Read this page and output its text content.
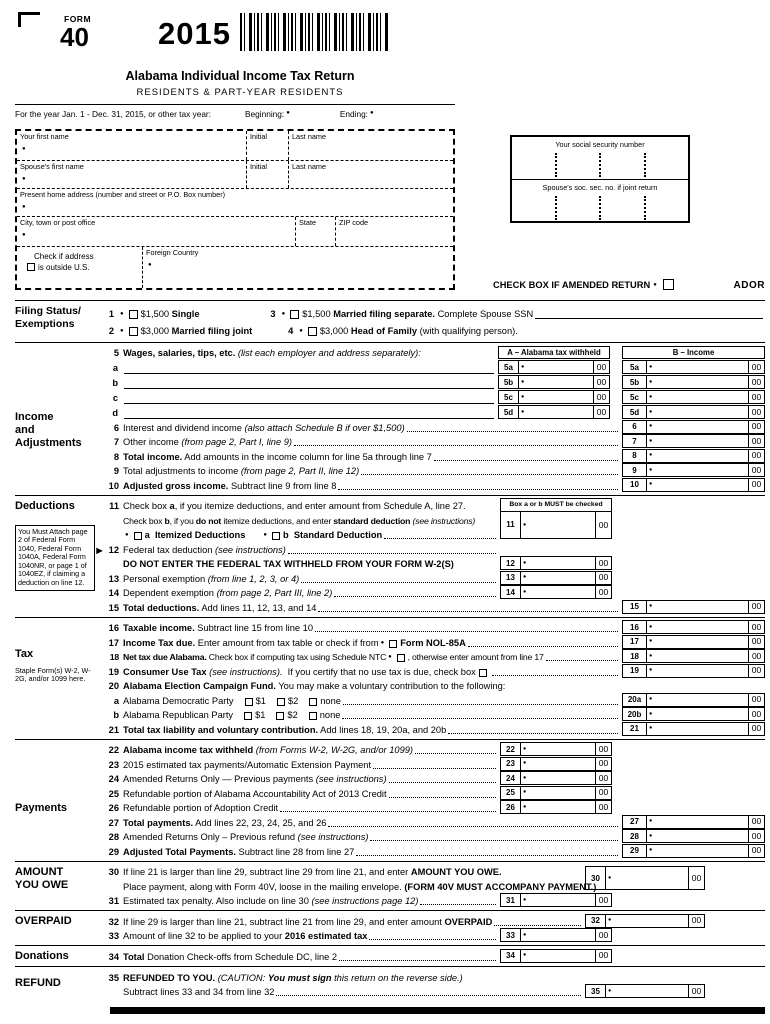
FORM
40 2015
Alabama Individual Income Tax Return
RESIDENTS & PART-YEAR RESIDENTS
For the year Jan. 1 - Dec. 31, 2015, or other tax year:	Beginning: ●	Ending: ●
Your first name
●
Initial	Last name
Spouse's first name
●
Initial	Last name
Present home address (number and street or P.O. Box number)
●
City, town or post office
●
State	ZIP code
Check if address
is outside U.S.
Foreign Country
●
Your social security number
Spouse's soc. sec. no. if joint return
CHECK BOX IF AMENDED RETURN ●	ADOR
Filing Status/
Exemptions
1 ● $1,500 Single	3 ● $1,500 Married filing separate. Complete Spouse SSN
2 ● $3,000 Married filing joint	4 ● $3,000 Head of Family (with qualifying person).
Income
and
Adjustments
5 Wages, salaries, tips, etc. (list each employer and address separately):	A – Alabama tax withheld	B – Income
a	5a	●	00	5a	●	00
b	5b	●	00	5b	●	00
c	5c	●	00	5c	●	00
d	5d	●	00	5d	●	00
6 Interest and dividend income (also attach Schedule B if over $1,500)	6	●	00
7 Other income (from page 2, Part I, line 9)	7	●	00
8 Total income. Add amounts in the income column for line 5a through line 7	8	●	00
9 Total adjustments to income (from page 2, Part II, line 12)	9	●	00
10 Adjusted gross income. Subtract line 9 from line 8	10	●	00
Deductions
You Must Attach page 2 of Federal Form 1040, Federal Form 1040A, Federal Form 1040NR, or page 1 of 1040EZ, if claiming a deduction on line 12.
►
11 Check box a , if you itemize deductions, and enter amount from Schedule A, line 27.
Check box b , if you do not itemize deductions, and enter standard deduction (see instructions)
● a Itemized Deductions	● b Standard Deduction
Box a or b MUST be checked
11	●	00
12 Federal tax deduction (see instructions)
DO NOT ENTER THE FEDERAL TAX WITHHELD FROM YOUR FORM W-2(S)	12	●	00
13 Personal exemption (from line 1, 2, 3, or 4)	13	●	00
14 Dependent exemption (from page 2, Part III, line 2)	14	●	00
15 Total deductions. Add lines 11, 12, 13, and 14	15	●	00
Tax
Staple Form(s) W-2, W-2G, and/or 1099 here.
16 Taxable income. Subtract line 15 from line 10	16	●	00
17 Income Tax due. Enter amount from tax table or check if from ● Form NOL-85A	17	●	00
18 Net tax due Alabama. Check box if computing tax using Schedule NTC ● , otherwise enter amount from line 17	18	●	00
19 Consumer Use Tax (see instructions). If you certify that no use tax is due, check box	19	●	00
20 Alabama Election Campaign Fund. You may make a voluntary contribution to the following:
a Alabama Democratic Party $1 $2 none	20a	●	00
b Alabama Republican Party $1 $2 none	20b	●	00
21 Total tax liability and voluntary contribution. Add lines 18, 19, 20a, and 20b	21	●	00
Payments
22 Alabama income tax withheld (from Forms W-2, W-2G, and/or 1099)	22	●	00
23 2015 estimated tax payments/Automatic Extension Payment	23	●	00
24 Amended Returns Only — Previous payments (see instructions)	24	●	00
25 Refundable portion of Alabama Accountability Act of 2013 Credit	25	●	00
26 Refundable portion of Adoption Credit	26	●	00
27 Total payments. Add lines 22, 23, 24, 25, and 26	27	●	00
28 Amended Returns Only – Previous refund (see instructions)	28	●	00
29 Adjusted Total Payments. Subtract line 28 from line 27	29	●	00
AMOUNT
YOU OWE
30 If line 21 is larger than line 29, subtract line 29 from line 21, and enter AMOUNT YOU OWE.
Place payment, along with Form 40V, loose in the mailing envelope. (FORM 40V MUST ACCOMPANY PAYMENT.)
30	●	00
31 Estimated tax penalty. Also include on line 30 (see instructions page 12)	31	●	00
OVERPAID	32 If line 29 is larger than line 21, subtract line 21 from line 29, and enter amount OVERPAID	32	●	00
33 Amount of line 32 to be applied to your 2016 estimated tax	33	●	00
Donations	34 Total Donation Check-offs from Schedule DC, line 2	34	●	00
REFUND	35 REFUNDED TO YOU. (CAUTION: You must sign this return on the reverse side.)
Subtract lines 33 and 34 from line 32	35	●	00
